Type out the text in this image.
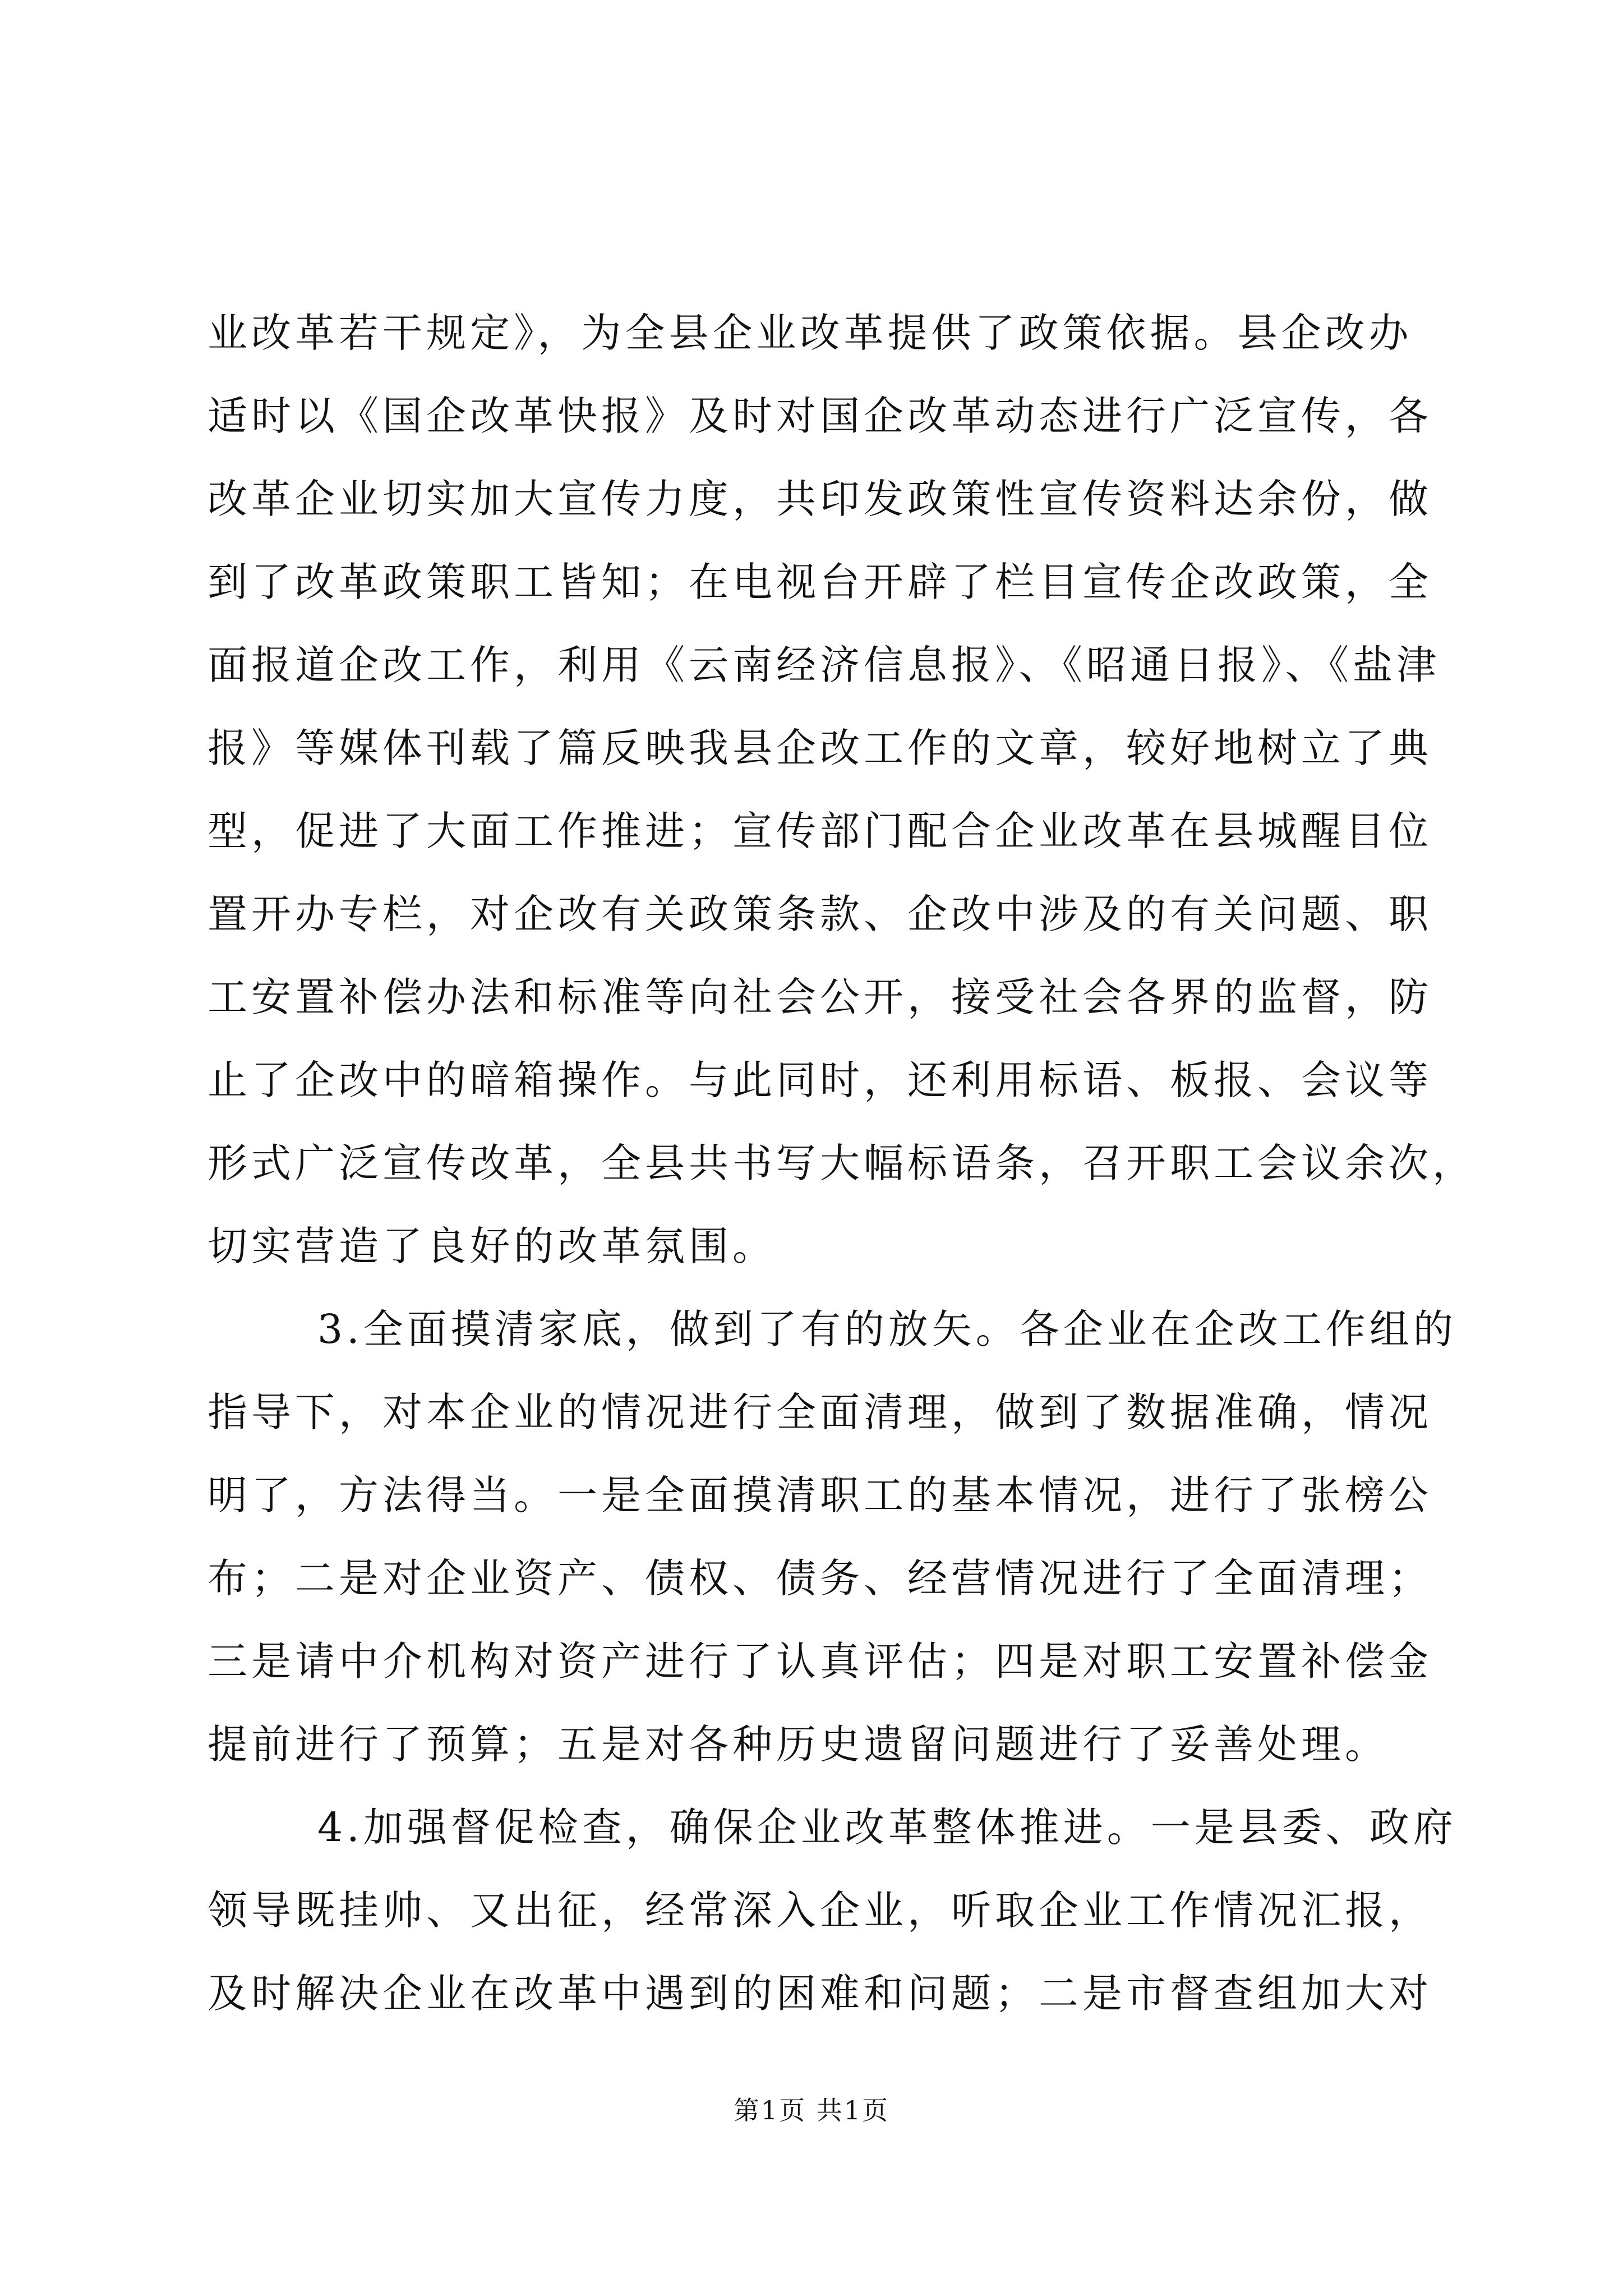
业改革若干规定》，为全县企业改革提供了政策依据。县企改办
适时以《国企改革快报》及时对国企改革动态进行广泛宣传，各
改革企业切实加大宣传力度，共印发政策性宣传资料达余份，做
到了改革政策职工皆知；在电视台开辟了栏目宣传企改政策，全
面报道企改工作，利用《云南经济信息报》、《昭通日报》、《盐津
报》等媒体刊载了篇反映我县企改工作的文章，较好地树立了典
型，促进了大面工作推进；宣传部门配合企业改革在县城醒目位
置开办专栏，对企改有关政策条款、企改中涉及的有关问题、职
工安置补偿办法和标准等向社会公开，接受社会各界的监督，防
止了企改中的暗箱操作。与此同时，还利用标语、板报、会议等
形式广泛宣传改革，全县共书写大幅标语条，召开职工会议余次，
切实营造了良好的改革氛围。
3.全面摸清家底，做到了有的放矢。各企业在企改工作组的
指导下，对本企业的情况进行全面清理，做到了数据准确，情况
明了，方法得当。一是全面摸清职工的基本情况，进行了张榜公
布；二是对企业资产、债权、债务、经营情况进行了全面清理；
三是请中介机构对资产进行了认真评估；四是对职工安置补偿金
提前进行了预算；五是对各种历史遗留问题进行了妥善处理。
4.加强督促检查，确保企业改革整体推进。一是县委、政府
领导既挂帅、又出征，经常深入企业，听取企业工作情况汇报，
及时解决企业在改革中遇到的困难和问题；二是市督查组加大对
第1页 共1页
